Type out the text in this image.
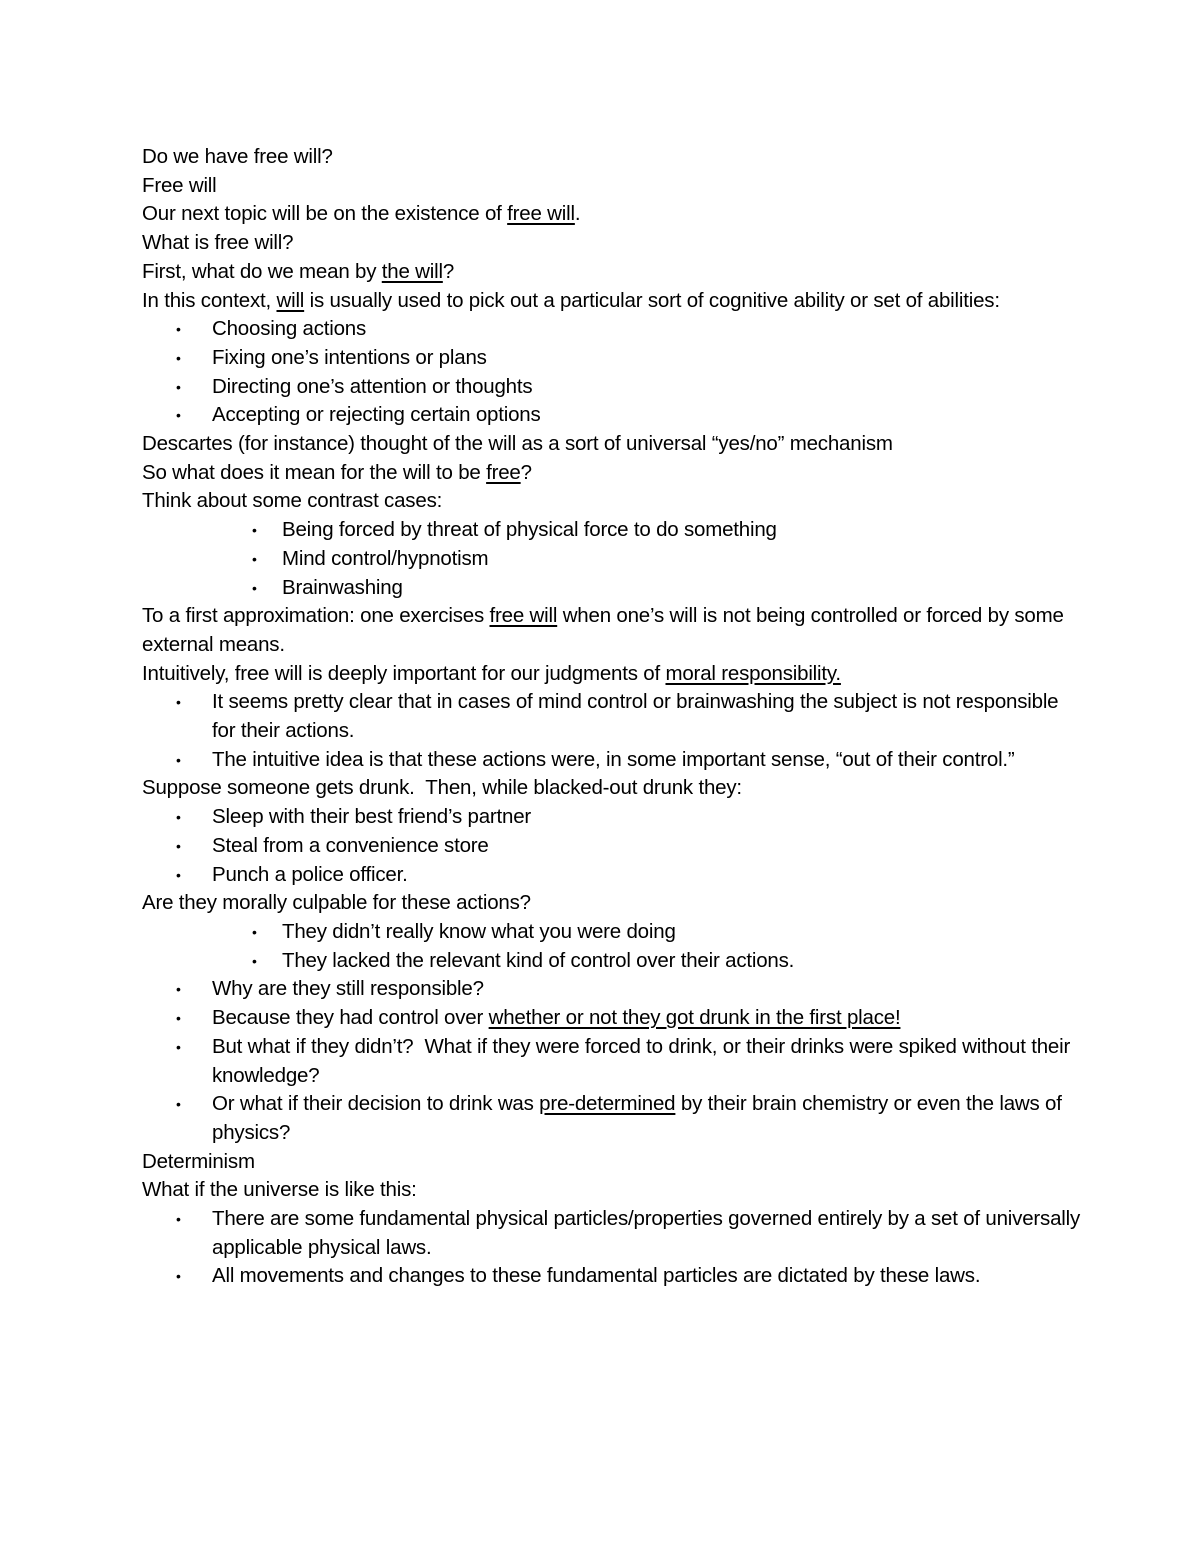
Do we have free will?
Free will
Our next topic will be on the existence of free will.
What is free will?
First, what do we mean by the will?
In this context, will is usually used to pick out a particular sort of cognitive ability or set of abilities:
• Choosing actions
• Fixing one’s intentions or plans
• Directing one’s attention or thoughts
• Accepting or rejecting certain options
Descartes (for instance) thought of the will as a sort of universal “yes/no” mechanism
So what does it mean for the will to be free?
Think about some contrast cases:
• Being forced by threat of physical force to do something
• Mind control/hypnotism
• Brainwashing
To a first approximation: one exercises free will when one’s will is not being controlled or forced by some external means.
Intuitively, free will is deeply important for our judgments of moral responsibility.
• It seems pretty clear that in cases of mind control or brainwashing the subject is not responsible for their actions.
• The intuitive idea is that these actions were, in some important sense, “out of their control.”
Suppose someone gets drunk.  Then, while blacked-out drunk they:
• Sleep with their best friend’s partner
• Steal from a convenience store
• Punch a police officer.
Are they morally culpable for these actions?
• They didn’t really know what you were doing
• They lacked the relevant kind of control over their actions.
• Why are they still responsible?
• Because they had control over whether or not they got drunk in the first place!
• But what if they didn’t?  What if they were forced to drink, or their drinks were spiked without their knowledge?
• Or what if their decision to drink was pre-determined by their brain chemistry or even the laws of physics?
Determinism
What if the universe is like this:
• There are some fundamental physical particles/properties governed entirely by a set of universally applicable physical laws.
• All movements and changes to these fundamental particles are dictated by these laws.
